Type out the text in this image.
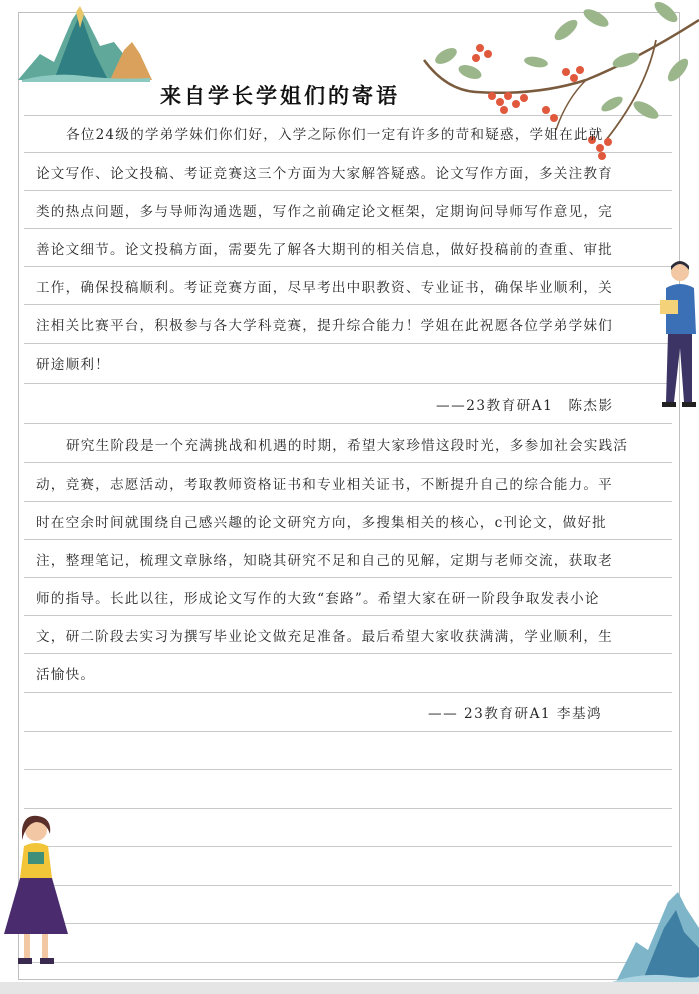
来自学长学姐们的寄语
各位24级的学弟学妹们你们好，入学之际你们一定有许多的苛和疑惑，学姐在此就
论文写作、论文投稿、考证竞赛这三个方面为大家解答疑惑。论文写作方面，多关注教育
类的热点问题，多与导师沟通选题，写作之前确定论文框架，定期询问导师写作意见，完
善论文细节。论文投稿方面，需要先了解各大期刊的相关信息，做好投稿前的查重、审批
工作，确保投稿顺利。考证竞赛方面，尽早考出中职教资、专业证书，确保毕业顺利，关
注相关比赛平台，积极参与各大学科竞赛，提升综合能力！学姐在此祝愿各位学弟学妹们
研途顺利！
——23教育研A1　陈杰影
研究生阶段是一个充满挑战和机遇的时期，希望大家珍惜这段时光，多参加社会实践活
动，竞赛，志愿活动，考取教师资格证书和专业相关证书，不断提升自己的综合能力。平
时在空余时间就围绕自己感兴趣的论文研究方向，多搜集相关的核心，c刊论文，做好批
注，整理笔记，梳理文章脉络，知晓其研究不足和自己的见解，定期与老师交流，获取老
师的指导。长此以往，形成论文写作的大致“套路”。希望大家在研一阶段争取发表小论
文，研二阶段去实习为撰写毕业论文做充足准备。最后希望大家收获满满，学业顺利，生
活愉快。
—— 23教育研A1 李基鸿
